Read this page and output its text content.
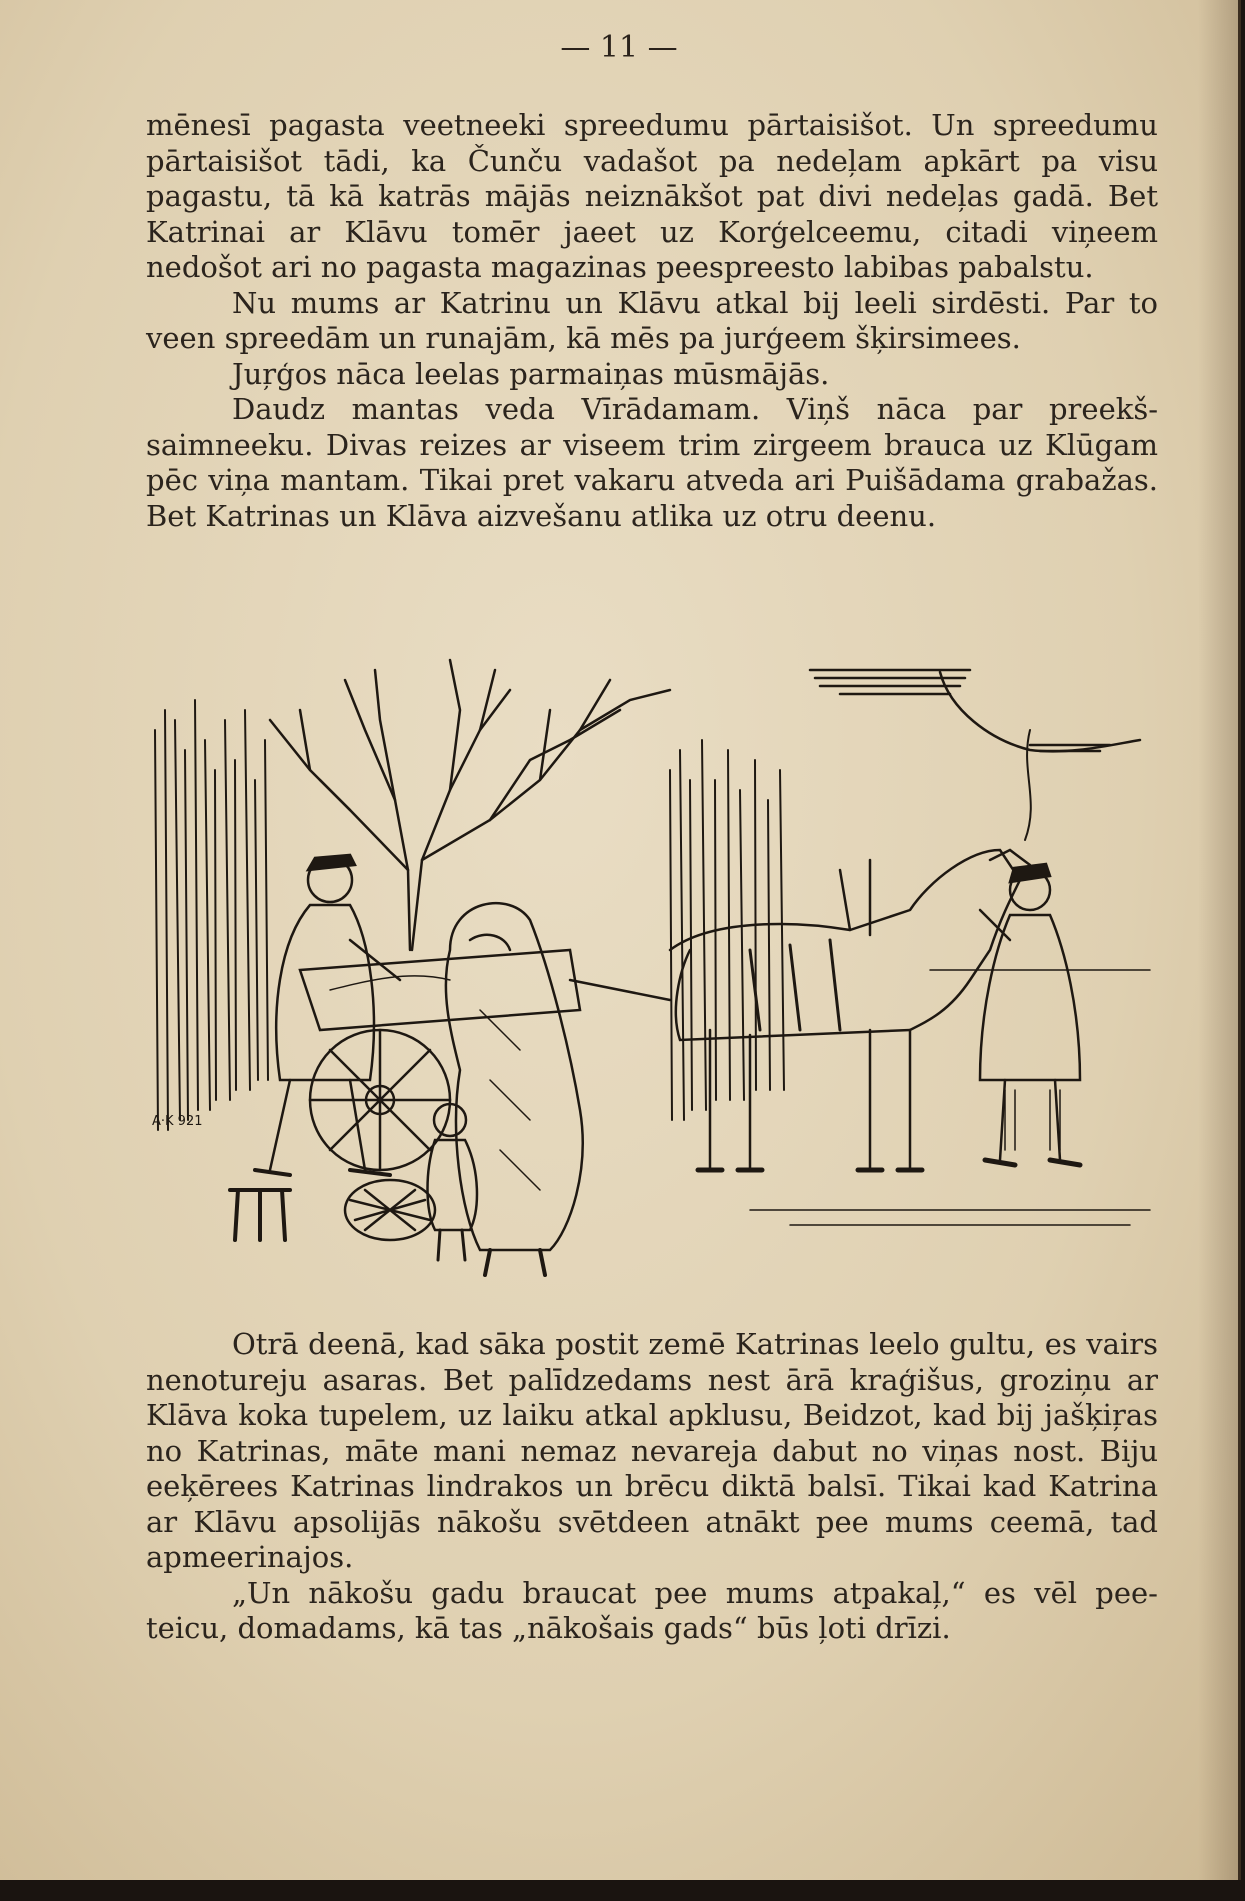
— 11 —

mēnesī pagasta veetneeki spreedumu pārtaisišot. Un spreedumu pārtaisišot tādi, ka Čunču vadašot pa nedeļam apkārt pa visu pagastu, tā kā katrās mājās neiznākšot pat divi nedeļas gadā. Bet Katrinai ar Klāvu tomēr jaeet uz Korģelceemu, citadi viņeem nedošot ari no pagasta magazinas peespreesto labibas pabalstu.

Nu mums ar Katrinu un Klāvu atkal bij leeli sirdēsti. Par to veen spreedām un runajām, kā mēs pa jurģeem šķirsimees.

Juŗģos nāca leelas parmaiņas mūsmājās.

Daudz mantas veda Vīrādamam. Viņš nāca par preekš-saimneeku. Divas reizes ar viseem trim zirgeem brauca uz Klūgam pēc viņa mantam. Tikai pret vakaru atveda ari Puišādama grabažas. Bet Katrinas un Klāva aizvešanu atlika uz otru deenu.

A·K 921

Otrā deenā, kad sāka postit zemē Katrinas leelo gultu, es vairs nenotureju asaras. Bet palīdzedams nest ārā kraģišus, groziņu ar Klāva koka tupelem, uz laiku atkal apklusu, Beidzot, kad bij jašķiŗas no Katrinas, māte mani nemaz nevareja dabut no viņas nost. Biju eeķērees Katrinas lindrakos un brēcu diktā balsī. Tikai kad Katrina ar Klāvu apsolijās nākošu svētdeen atnākt pee mums ceemā, tad apmeerinajos.

„Un nākošu gadu braucat pee mums atpakaļ,“ es vēl pee-teicu, domadams, kā tas „nākošais gads“ būs ļoti drīzi.
